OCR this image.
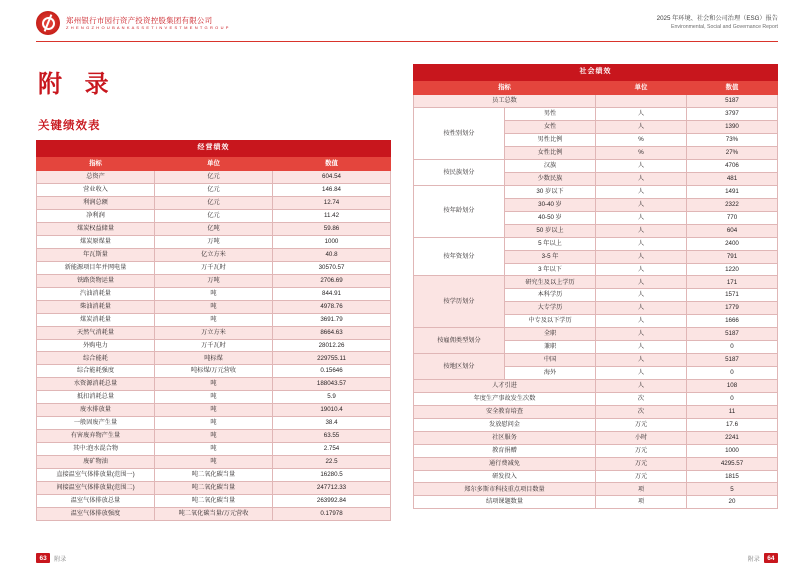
郑州银行市园行资产投资控股集团有限公司
Z H E N G Z H O U B A N K A S S E T I N V E S T M E N T G R O U P
2025 年环境、社会和公司治理（ESG）报告
Environmental, Social and Governance Report
附 录
关键绩效表
经营绩效		
指标	单位	数值
总资产	亿元	604.54
营业收入	亿元	146.84
利润总额	亿元	12.74
净利润	亿元	11.42
煤炭权益储量	亿吨	59.86
煤炭原煤量	万吨	1000
年瓦斯量	亿立方米	40.8
新能源项目年并网电量	万千瓦时	30570.57
铁路货物运量	万吨	2706.69
汽油消耗量	吨	844.91
柴油消耗量	吨	4978.76
煤炭消耗量	吨	3691.79
天然气消耗量	万立方米	8664.63
外购电力	万千瓦时	28012.26
综合能耗	吨标煤	229755.11
综合能耗强度	吨标煤/万元营收	0.15646
水资源消耗总量	吨	188043.57
抵扣消耗总量	吨	5.9
废水排放量	吨	19010.4
一般固废产生量	吨	38.4
有害废弃物产生量	吨	63.55
其中:泡水混合物	吨	2.754
废矿物油	吨	22.5
直接温室气体排放量(范围一)	吨二氧化碳当量	16280.5
间接温室气体排放量(范围二)	吨二氧化碳当量	247712.33
温室气体排放总量	吨二氧化碳当量	263992.84
温室气体排放强度	吨二氧化碳当量/万元营收	0.17978
社会绩效			
指标		单位	数值
员工总数			5187
按性别划分	男性	人	3797
	女性	人	1390
	男性比例	%	73%
	女性比例	%	27%
按民族划分	汉族	人	4706
	少数民族	人	481
按年龄划分	30 岁以下	人	1491
	30-40 岁	人	2322
	40-50 岁	人	770
	50 岁以上	人	604
按年资划分	5 年以上	人	2400
	3-5 年	人	791
	3 年以下	人	1220
按学历划分	研究生及以上学历	人	171
	本科学历	人	1571
	大专学历	人	1779
	中专及以下学历	人	1666
按雇佣类型划分	全职	人	5187
	兼职	人	0
按地区划分	中国	人	5187
	海外	人	0
人才引进		人	108
年度生产事故发生次数		次	0
安全教育培查		次	11
发放慰问金		万元	17.6
社区服务		小时	2241
教育捐赠		万元	1000
通行费减免		万元	4295.57
研发投入		万元	1815
郑尔多斯市科技重点项目数量		项	5
结项课题数量		项	20
63	附录	附录	64
